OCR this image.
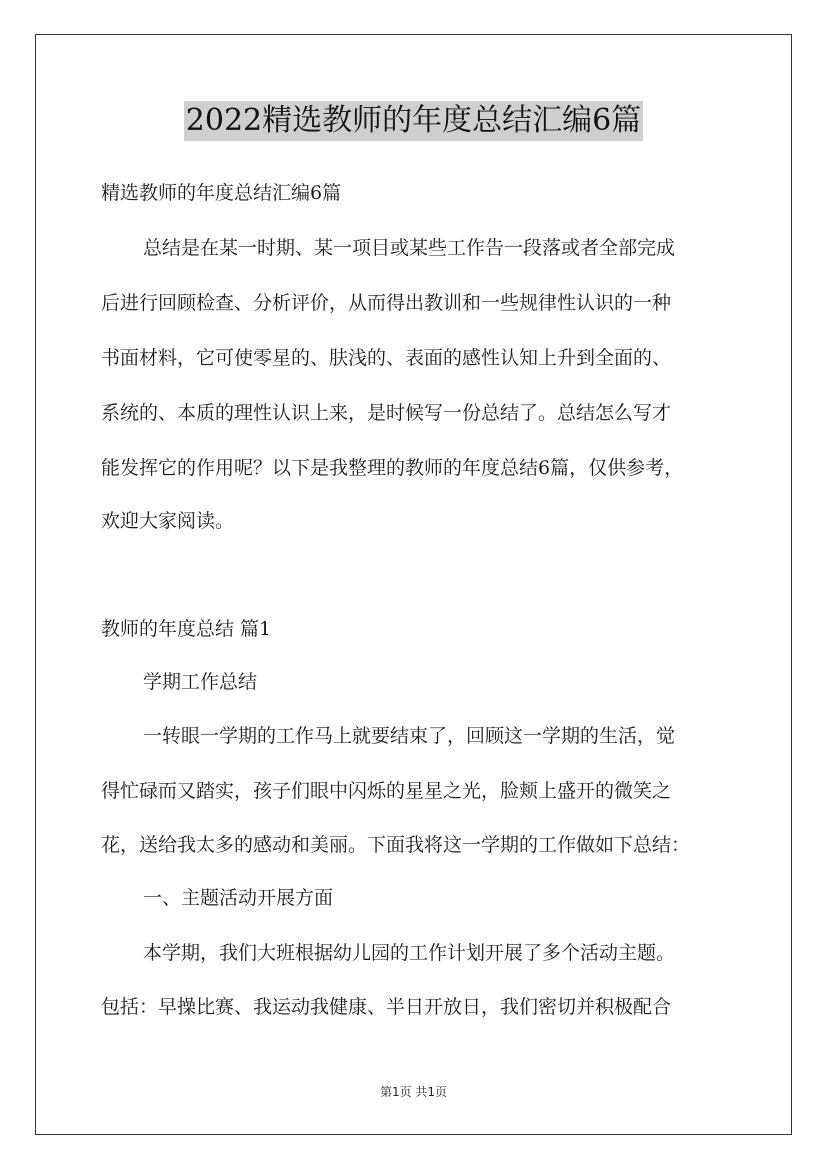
2022精选教师的年度总结汇编6篇
精选教师的年度总结汇编6篇
总结是在某一时期、某一项目或某些工作告一段落或者全部完成
后进行回顾检查、分析评价，从而得出教训和一些规律性认识的一种
书面材料，它可使零星的、肤浅的、表面的感性认知上升到全面的、
系统的、本质的理性认识上来，是时候写一份总结了。总结怎么写才
能发挥它的作用呢？以下是我整理的教师的年度总结6篇，仅供参考，
欢迎大家阅读。
教师的年度总结 篇1
学期工作总结
一转眼一学期的工作马上就要结束了，回顾这一学期的生活，觉
得忙碌而又踏实，孩子们眼中闪烁的星星之光，脸颊上盛开的微笑之
花，送给我太多的感动和美丽。下面我将这一学期的工作做如下总结：
一、主题活动开展方面
本学期，我们大班根据幼儿园的工作计划开展了多个活动主题。
包括：早操比赛、我运动我健康、半日开放日，我们密切并积极配合
第1页 共1页
